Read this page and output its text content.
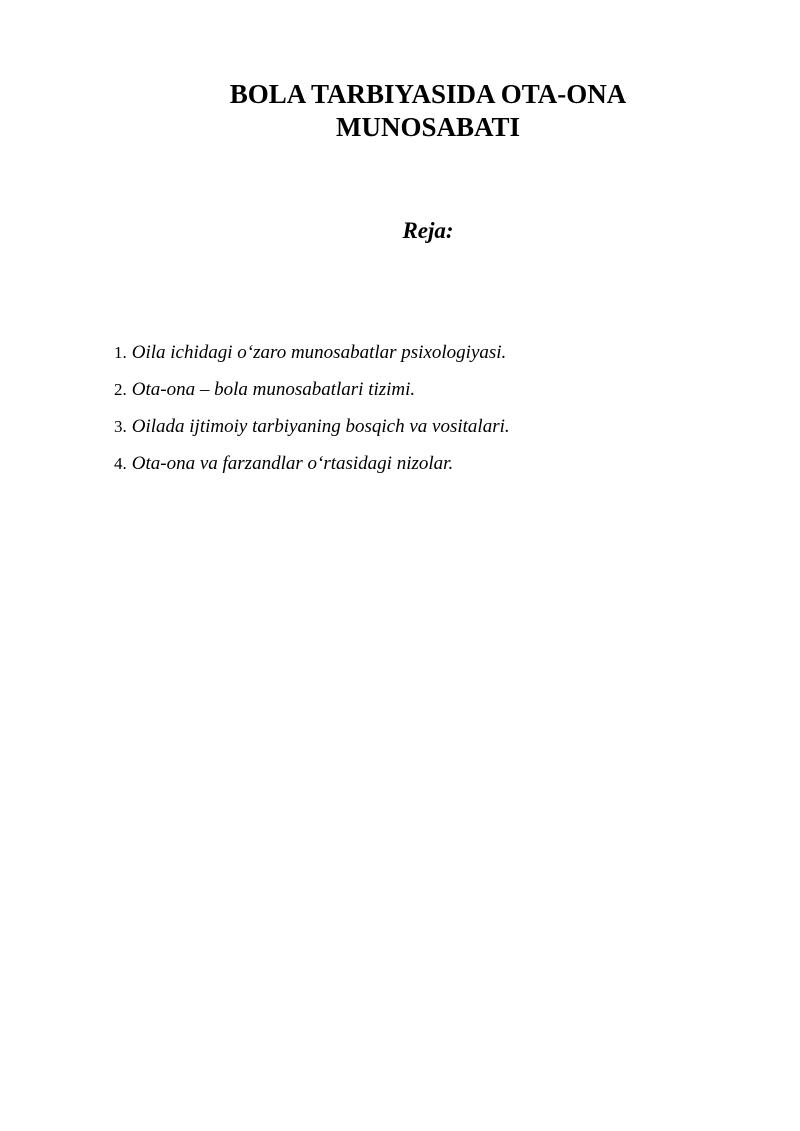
BOLA TARBIYASIDA OTA-ONA
MUNOSABATI
Reja:
1. Oila ichidagi o‘zaro munosabatlar psixologiyasi.
2. Ota-ona – bola munosabatlari tizimi.
3. Oilada ijtimoiy tarbiyaning bosqich va vositalari.
4. Ota-ona va farzandlar o‘rtasidagi nizolar.
